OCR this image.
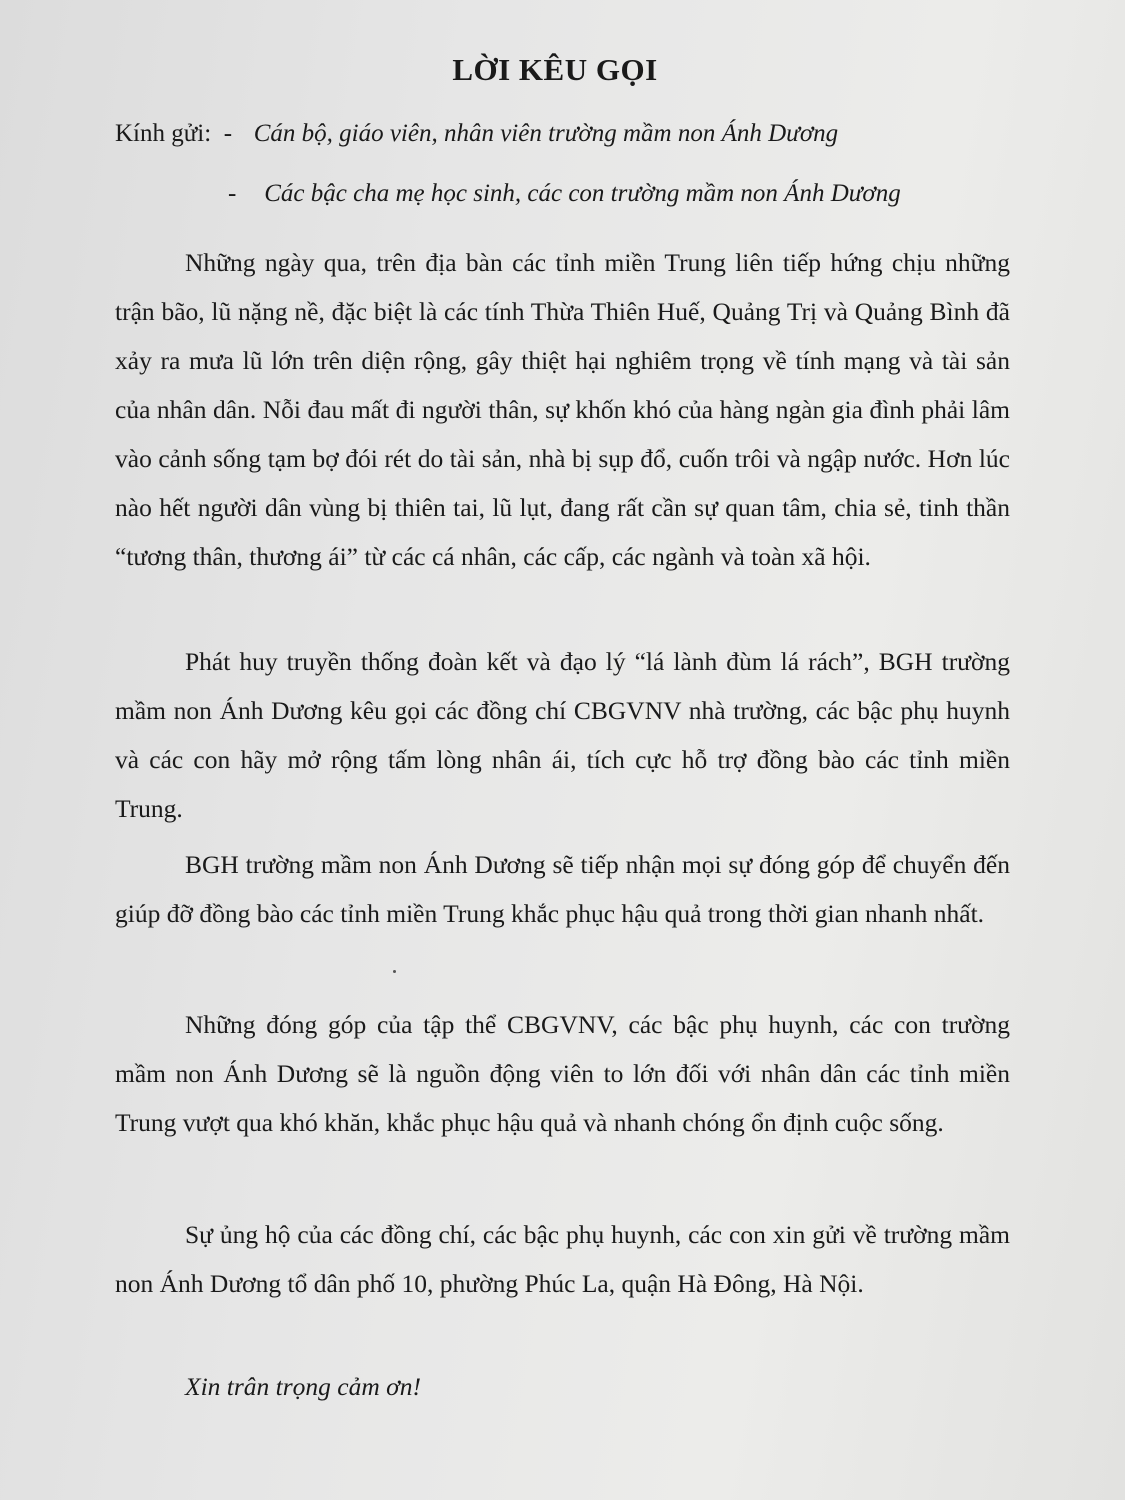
LỜI KÊU GỌI
Kính gửi:  - Cán bộ, giáo viên, nhân viên trường mầm non Ánh Dương
- Các bậc cha mẹ học sinh, các con trường mầm non Ánh Dương

Những ngày qua, trên địa bàn các tỉnh miền Trung liên tiếp hứng chịu những trận bão, lũ nặng nề, đặc biệt là các tính Thừa Thiên Huế, Quảng Trị và Quảng Bình đã xảy ra mưa lũ lớn trên diện rộng, gây thiệt hại nghiêm trọng về tính mạng và tài sản của nhân dân. Nỗi đau mất đi người thân, sự khốn khó của hàng ngàn gia đình phải lâm vào cảnh sống tạm bợ đói rét do tài sản, nhà bị sụp đổ, cuốn trôi và ngập nước. Hơn lúc nào hết người dân vùng bị thiên tai, lũ lụt, đang rất cần sự quan tâm, chia sẻ, tinh thần “tương thân, thương ái” từ các cá nhân, các cấp, các ngành và toàn xã hội.

Phát huy truyền thống đoàn kết và đạo lý “lá lành đùm lá rách”, BGH trường mầm non Ánh Dương kêu gọi các đồng chí CBGVNV nhà trường, các bậc phụ huynh và các con hãy mở rộng tấm lòng nhân ái, tích cực hỗ trợ đồng bào các tỉnh miền Trung.

BGH trường mầm non Ánh Dương sẽ tiếp nhận mọi sự đóng góp để chuyển đến giúp đỡ đồng bào các tỉnh miền Trung khắc phục hậu quả trong thời gian nhanh nhất.

Những đóng góp của tập thể CBGVNV, các bậc phụ huynh, các con trường mầm non Ánh Dương sẽ là nguồn động viên to lớn đối với nhân dân các tỉnh miền Trung vượt qua khó khăn, khắc phục hậu quả và nhanh chóng ổn định cuộc sống.

Sự ủng hộ của các đồng chí, các bậc phụ huynh, các con xin gửi về trường mầm non Ánh Dương tổ dân phố 10, phường Phúc La, quận Hà Đông, Hà Nội.

Xin trân trọng cảm ơn!
